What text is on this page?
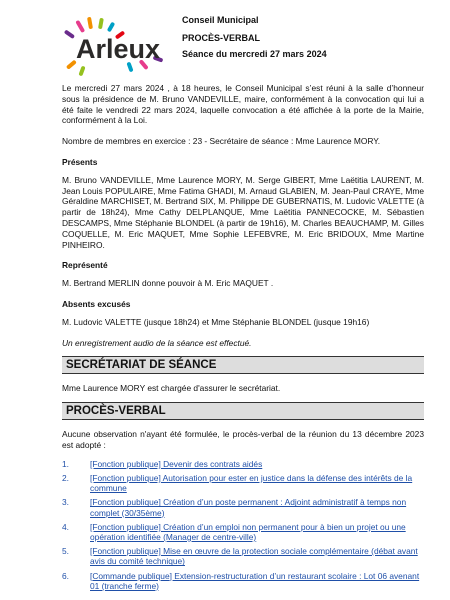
Arleux
Conseil Municipal
PROCÈS-VERBAL
Séance du mercredi 27 mars 2024

Le mercredi 27 mars 2024 , à 18 heures, le Conseil Municipal s’est réuni à la salle d’honneur sous la présidence de M. Bruno VANDEVILLE, maire, conformément à la convocation qui lui a été faite le vendredi 22 mars 2024, laquelle convocation a été affichée à la porte de la Mairie, conformément à la Loi.

Nombre de membres en exercice : 23 - Secrétaire de séance : Mme Laurence MORY.

Présents

M. Bruno VANDEVILLE, Mme Laurence MORY, M. Serge GIBERT, Mme Laëtitia LAURENT, M. Jean Louis POPULAIRE, Mme Fatima GHADI, M. Arnaud GLABIEN, M. Jean-Paul CRAYE, Mme Géraldine MARCHISET, M. Bertrand SIX, M. Philippe DE GUBERNATIS, M. Ludovic VALETTE (à partir de 18h24), Mme Cathy DELPLANQUE, Mme Laëtitia PANNECOCKE, M. Sébastien DESCAMPS, Mme Stéphanie BLONDEL (à partir de 19h16), M. Charles BEAUCHAMP, M. Gilles COQUELLE, M. Eric MAQUET, Mme Sophie LEFEBVRE, M. Eric BRIDOUX, Mme Martine PINHEIRO.

Représenté

M. Bertrand MERLIN donne pouvoir à M. Eric MAQUET .

Absents excusés

M. Ludovic VALETTE (jusque 18h24) et Mme Stéphanie BLONDEL (jusque 19h16)

Un enregistrement audio de la séance est effectué.

SECRÉTARIAT DE SÉANCE

Mme Laurence MORY est chargée d'assurer le secrétariat.

PROCÈS-VERBAL

Aucune observation n'ayant été formulée, le procès-verbal de la réunion du 13 décembre 2023 est adopté :

1.	[Fonction publique] Devenir des contrats aidés
2.	[Fonction publique] Autorisation pour ester en justice dans la défense des intérêts de la commune
3.	[Fonction publique] Création d’un poste permanent : Adjoint administratif à temps non complet (30/35ème)
4.	[Fonction publique] Création d’un emploi non permanent pour à bien un projet ou une opération identifiée (Manager de centre-ville)
5.	[Fonction publique] Mise en œuvre de la protection sociale complémentaire (débat avant avis du comité technique)
6.	[Commande publique] Extension-restructuration d’un restaurant scolaire : Lot 06 avenant 01 (tranche ferme)
